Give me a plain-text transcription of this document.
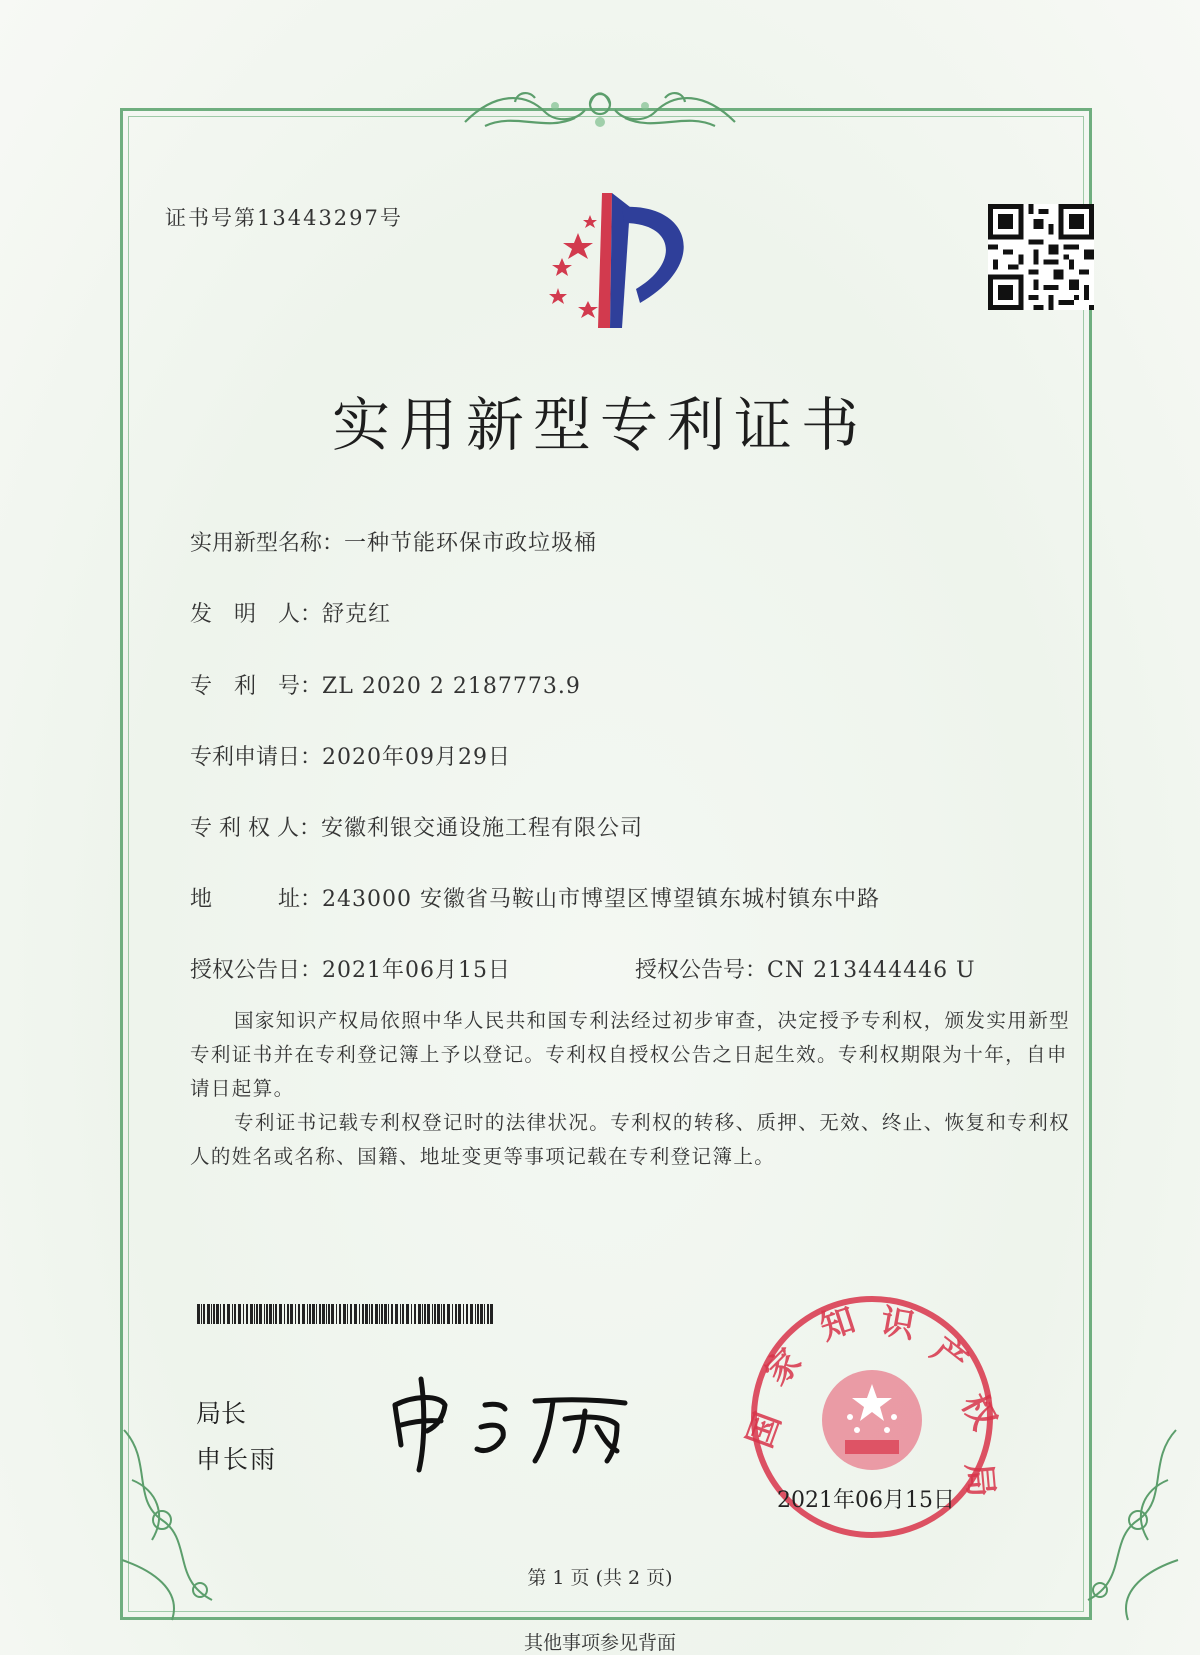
证书号第13443297号
实用新型专利证书
实用新型名称：一种节能环保市政垃圾桶
发　明　人：舒克红
专　利　号：ZL 2020 2 2187773.9
专利申请日：2020年09月29日
专 利 权 人：安徽利银交通设施工程有限公司
地　　　址：243000 安徽省马鞍山市博望区博望镇东城村镇东中路
授权公告日：2021年06月15日	授权公告号：CN 213444446 U
国家知识产权局依照中华人民共和国专利法经过初步审查，决定授予专利权，颁发实用新型专利证书并在专利登记簿上予以登记。专利权自授权公告之日起生效。专利权期限为十年，自申请日起算。
专利证书记载专利权登记时的法律状况。专利权的转移、质押、无效、终止、恢复和专利权人的姓名或名称、国籍、地址变更等事项记载在专利登记簿上。
局长
申长雨
国
家
知 识
产
权
局
2021年06月15日
第 1 页 (共 2 页)
其他事项参见背面
